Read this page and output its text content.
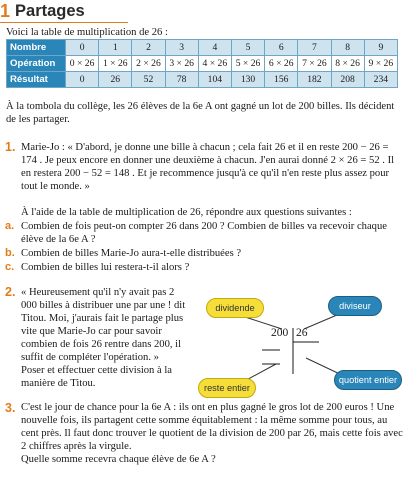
1 Partages
Voici la table de multiplication de 26 :
Nombre	0	1	2	3	4	5	6	7	8	9
Opération	0 × 26	1 × 26	2 × 26	3 × 26	4 × 26	5 × 26	6 × 26	7 × 26	8 × 26	9 × 26
Résultat	0	26	52	78	104	130	156	182	208	234
À la tombola du collège, les 26 élèves de la 6e A ont gagné un lot de 200 billes. Ils décident de les partager.
1. Marie-Jo : « D'abord, je donne une bille à chacun ; cela fait 26 et il en reste 200 − 26 = 174 . Je peux encore en donner une deuxième à chacun. J'en aurai donné 2 × 26 = 52 . Il en restera 200 − 52 = 148 . Et je recommence jusqu'à ce qu'il n'en reste plus assez pour tout le monde. »
À l'aide de la table de multiplication de 26, répondre aux questions suivantes :
a. Combien de fois peut-on compter 26 dans 200 ? Combien de billes va recevoir chaque élève de la 6e A ?
b. Combien de billes Marie-Jo aura-t-elle distribuées ?
c. Combien de billes lui restera-t-il alors ?
2. « Heureusement qu'il n'y avait pas 2 000 billes à distribuer une par une ! dit Titou. Moi, j'aurais fait le partage plus vite que Marie-Jo car pour savoir combien de fois 26 rentre dans 200, il suffit de compléter l'opération. »
Poser et effectuer cette division à la manière de Titou.
dividende	diviseur
reste entier
quotient entier
200 26
3. C'est le jour de chance pour la 6e A : ils ont en plus gagné le gros lot de 200 euros ! Une nouvelle fois, ils partagent cette somme équitablement : la même somme pour tous, au cent près. Il faut donc trouver le quotient de la division de 200 par 26, mais cette fois avec 2 chiffres après la virgule.
Quelle somme recevra chaque élève de 6e A ?
